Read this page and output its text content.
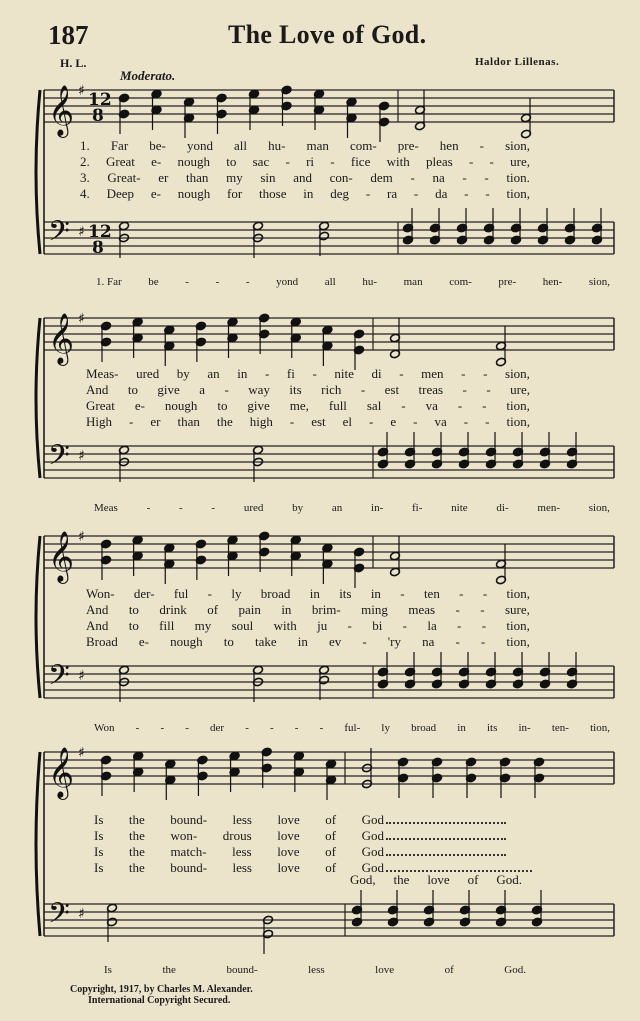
187	The Love of God.
H. L.	Haldor Lillenas.
Moderato.
𝄞
𝄢
♯
♯
12
8
12
8
𝄞
𝄢
♯
♯
𝄞
𝄢
♯
♯
𝄞
𝄢
♯
♯
1. Far be- yond all hu- man com- pre- hen - sion,
2. Great e- nough to sac - ri - fice with pleas - - ure,
3. Great- er than my sin and con- dem - na - - tion.
4. Deep e- nough for those in deg - ra - da - - tion,
1. Far be - - - yond all hu- man com- pre- hen- sion,
Meas- ured by an in - fi - nite di - men - - sion,
And to give a - way its rich - est treas - - ure,
Great e- nough to give me, full sal - va - - tion,
High - er than the high - est el - e - va - - tion,
Meas	-	-	-	ured	by	an	in-	fi-	nite	di-	men-	sion,
Won- der- ful - ly broad in its in - ten - - tion,
And to drink of pain in brim- ming meas - - sure,
And to fill my soul with ju - bi - la - - tion,
Broad e- nough to take in ev - 'ry na - - tion,
Won - - - der - - - - ful- ly broad in its in- ten- tion,
Is the bound- less love of God
Is the won- drous love of God
Is the match- less love of God
Is the bound- less love of God
God, the love of God.
Is	the	bound-	less	love	of	God.
Copyright, 1917, by Charles M. Alexander.
International Copyright Secured.
